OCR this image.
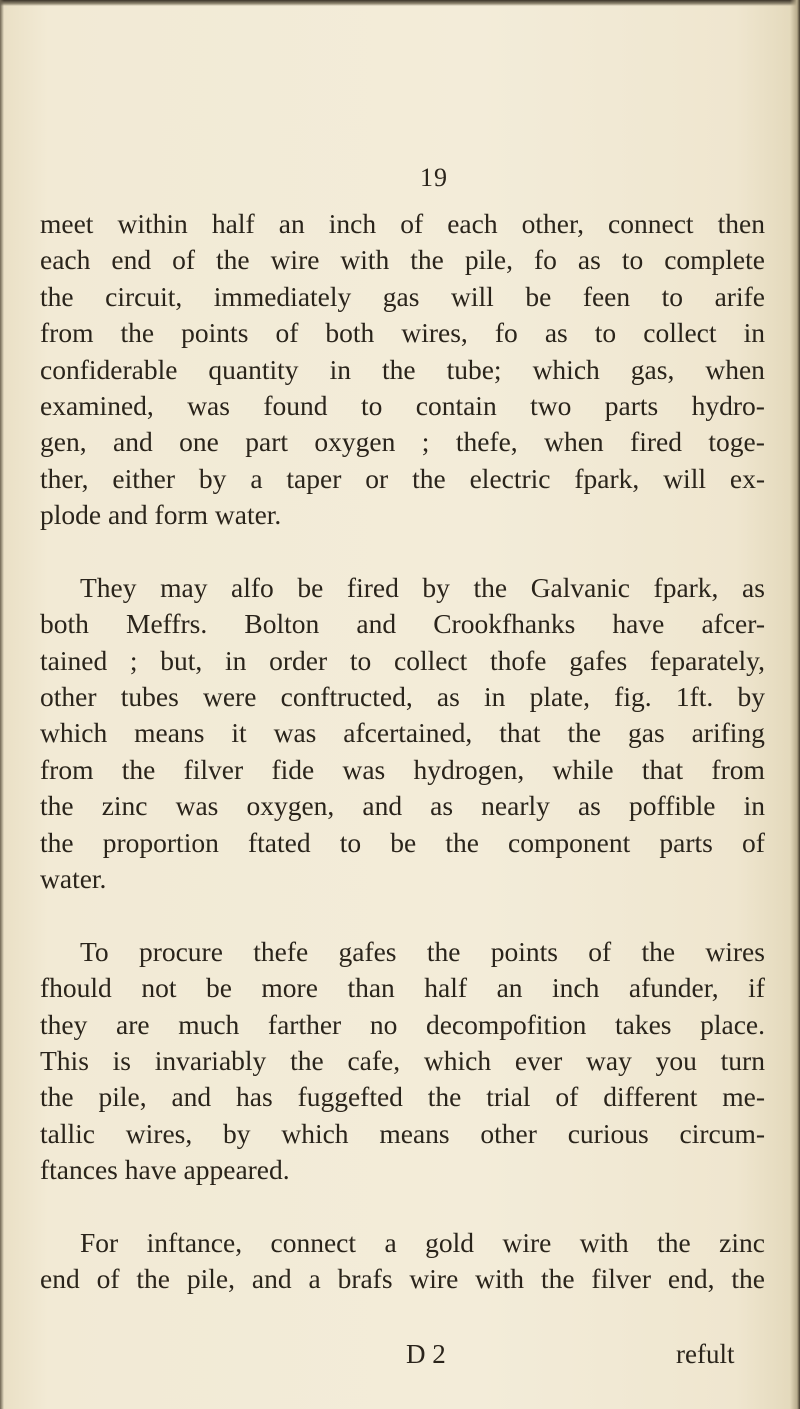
19
meet within half an inch of each other, connect then
each end of the wire with the pile, fo as to complete
the circuit, immediately gas will be feen to arife
from the points of both wires, fo as to collect in
confiderable quantity in the tube; which gas, when
examined, was found to contain two parts hydro-
gen, and one part oxygen ; thefe, when fired toge-
ther, either by a taper or the electric fpark, will ex-
plode and form water.
They may alfo be fired by the Galvanic fpark, as
both Meffrs. Bolton and Crookfhanks have afcer-
tained ; but, in order to collect thofe gafes feparately,
other tubes were conftructed, as in plate, fig. 1ft. by
which means it was afcertained, that the gas arifing
from the filver fide was hydrogen, while that from
the zinc was oxygen, and as nearly as poffible in
the proportion ftated to be the component parts of
water.
To procure thefe gafes the points of the wires
fhould not be more than half an inch afunder, if
they are much farther no decompofition takes place.
This is invariably the cafe, which ever way you turn
the pile, and has fuggefted the trial of different me-
tallic wires, by which means other curious circum-
ftances have appeared.
For inftance, connect a gold wire with the zinc
end of the pile, and a brafs wire with the filver end, the
D 2	refult
